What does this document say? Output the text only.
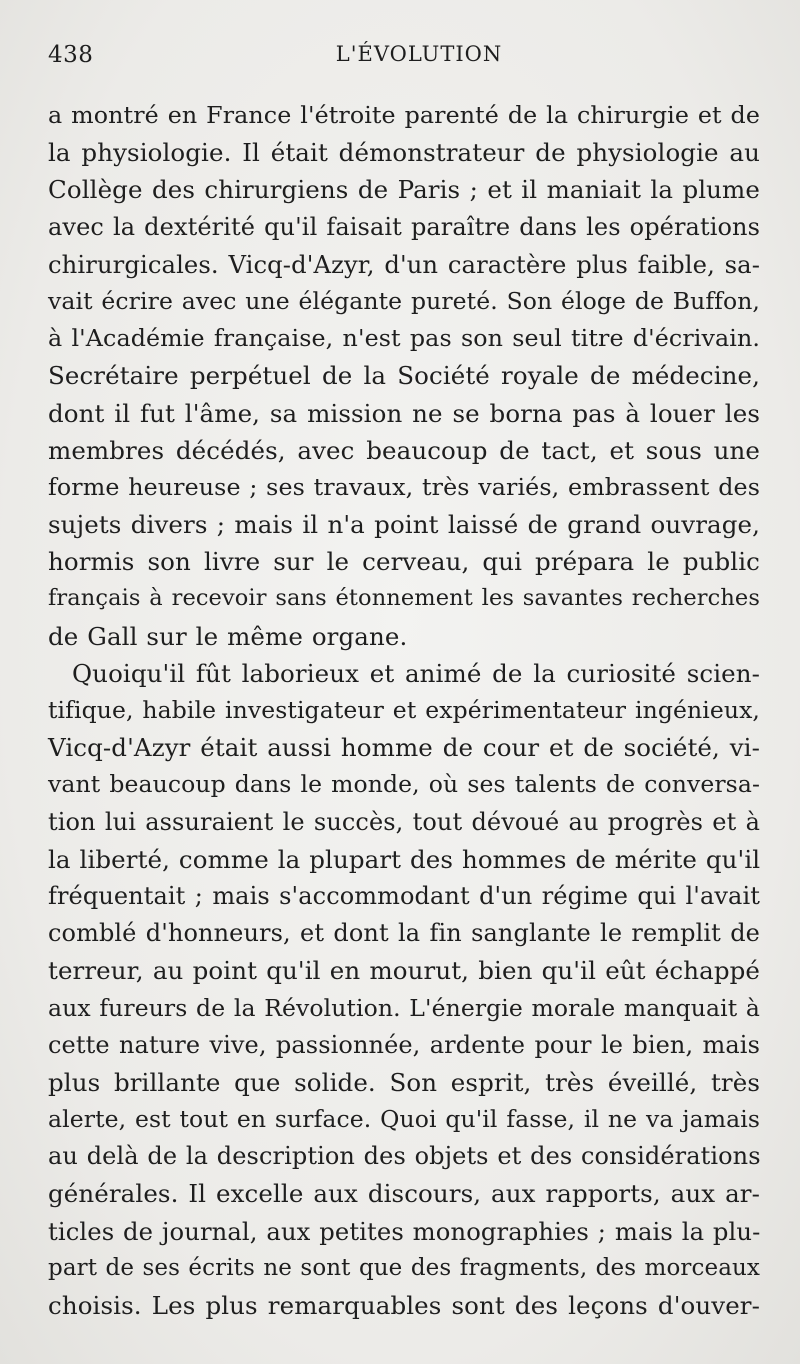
438	L'ÉVOLUTION
a montré en France l'étroite parenté de la chirurgie et de
la physiologie. Il était démonstrateur de physiologie au
Collège des chirurgiens de Paris ; et il maniait la plume
avec la dextérité qu'il faisait paraître dans les opérations
chirurgicales. Vicq-d'Azyr, d'un caractère plus faible, sa-
vait écrire avec une élégante pureté. Son éloge de Buffon,
à l'Académie française, n'est pas son seul titre d'écrivain.
Secrétaire perpétuel de la Société royale de médecine,
dont il fut l'âme, sa mission ne se borna pas à louer les
membres décédés, avec beaucoup de tact, et sous une
forme heureuse ; ses travaux, très variés, embrassent des
sujets divers ; mais il n'a point laissé de grand ouvrage,
hormis son livre sur le cerveau, qui prépara le public
français à recevoir sans étonnement les savantes recherches
de Gall sur le même organe.
Quoiqu'il fût laborieux et animé de la curiosité scien-
tifique, habile investigateur et expérimentateur ingénieux,
Vicq-d'Azyr était aussi homme de cour et de société, vi-
vant beaucoup dans le monde, où ses talents de conversa-
tion lui assuraient le succès, tout dévoué au progrès et à
la liberté, comme la plupart des hommes de mérite qu'il
fréquentait ; mais s'accommodant d'un régime qui l'avait
comblé d'honneurs, et dont la fin sanglante le remplit de
terreur, au point qu'il en mourut, bien qu'il eût échappé
aux fureurs de la Révolution. L'énergie morale manquait à
cette nature vive, passionnée, ardente pour le bien, mais
plus brillante que solide. Son esprit, très éveillé, très
alerte, est tout en surface. Quoi qu'il fasse, il ne va jamais
au delà de la description des objets et des considérations
générales. Il excelle aux discours, aux rapports, aux ar-
ticles de journal, aux petites monographies ; mais la plu-
part de ses écrits ne sont que des fragments, des morceaux
choisis. Les plus remarquables sont des leçons d'ouver-
